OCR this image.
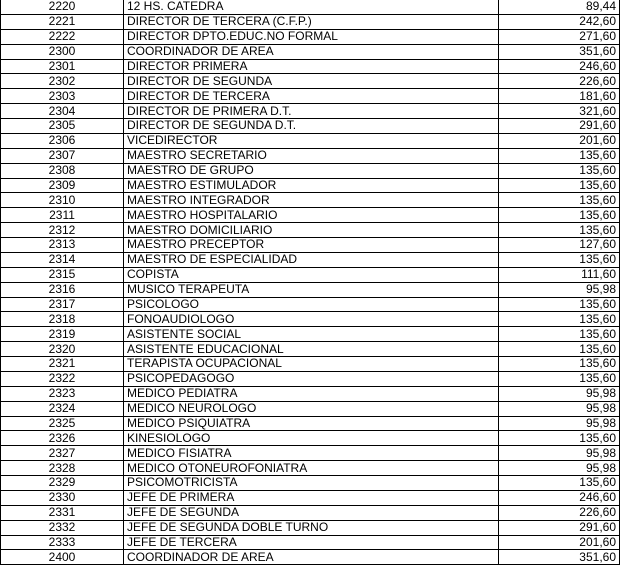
2220	12 HS. CATEDRA	89,44
2221	DIRECTOR DE TERCERA (C.F.P.)	242,60
2222	DIRECTOR DPTO.EDUC.NO FORMAL	271,60
2300	COORDINADOR DE AREA	351,60
2301	DIRECTOR PRIMERA	246,60
2302	DIRECTOR DE SEGUNDA	226,60
2303	DIRECTOR DE TERCERA	181,60
2304	DIRECTOR DE PRIMERA D.T.	321,60
2305	DIRECTOR DE SEGUNDA D.T.	291,60
2306	VICEDIRECTOR	201,60
2307	MAESTRO SECRETARIO	135,60
2308	MAESTRO DE GRUPO	135,60
2309	MAESTRO ESTIMULADOR	135,60
2310	MAESTRO INTEGRADOR	135,60
2311	MAESTRO HOSPITALARIO	135,60
2312	MAESTRO DOMICILIARIO	135,60
2313	MAESTRO PRECEPTOR	127,60
2314	MAESTRO DE ESPECIALIDAD	135,60
2315	COPISTA	111,60
2316	MUSICO TERAPEUTA	95,98
2317	PSICOLOGO	135,60
2318	FONOAUDIOLOGO	135,60
2319	ASISTENTE SOCIAL	135,60
2320	ASISTENTE EDUCACIONAL	135,60
2321	TERAPISTA OCUPACIONAL	135,60
2322	PSICOPEDAGOGO	135,60
2323	MEDICO PEDIATRA	95,98
2324	MEDICO NEUROLOGO	95,98
2325	MEDICO PSIQUIATRA	95,98
2326	KINESIOLOGO	135,60
2327	MEDICO FISIATRA	95,98
2328	MEDICO OTONEUROFONIATRA	95,98
2329	PSICOMOTRICISTA	135,60
2330	JEFE DE PRIMERA	246,60
2331	JEFE DE SEGUNDA	226,60
2332	JEFE DE SEGUNDA DOBLE TURNO	291,60
2333	JEFE DE TERCERA	201,60
2400	COORDINADOR DE AREA	351,60
